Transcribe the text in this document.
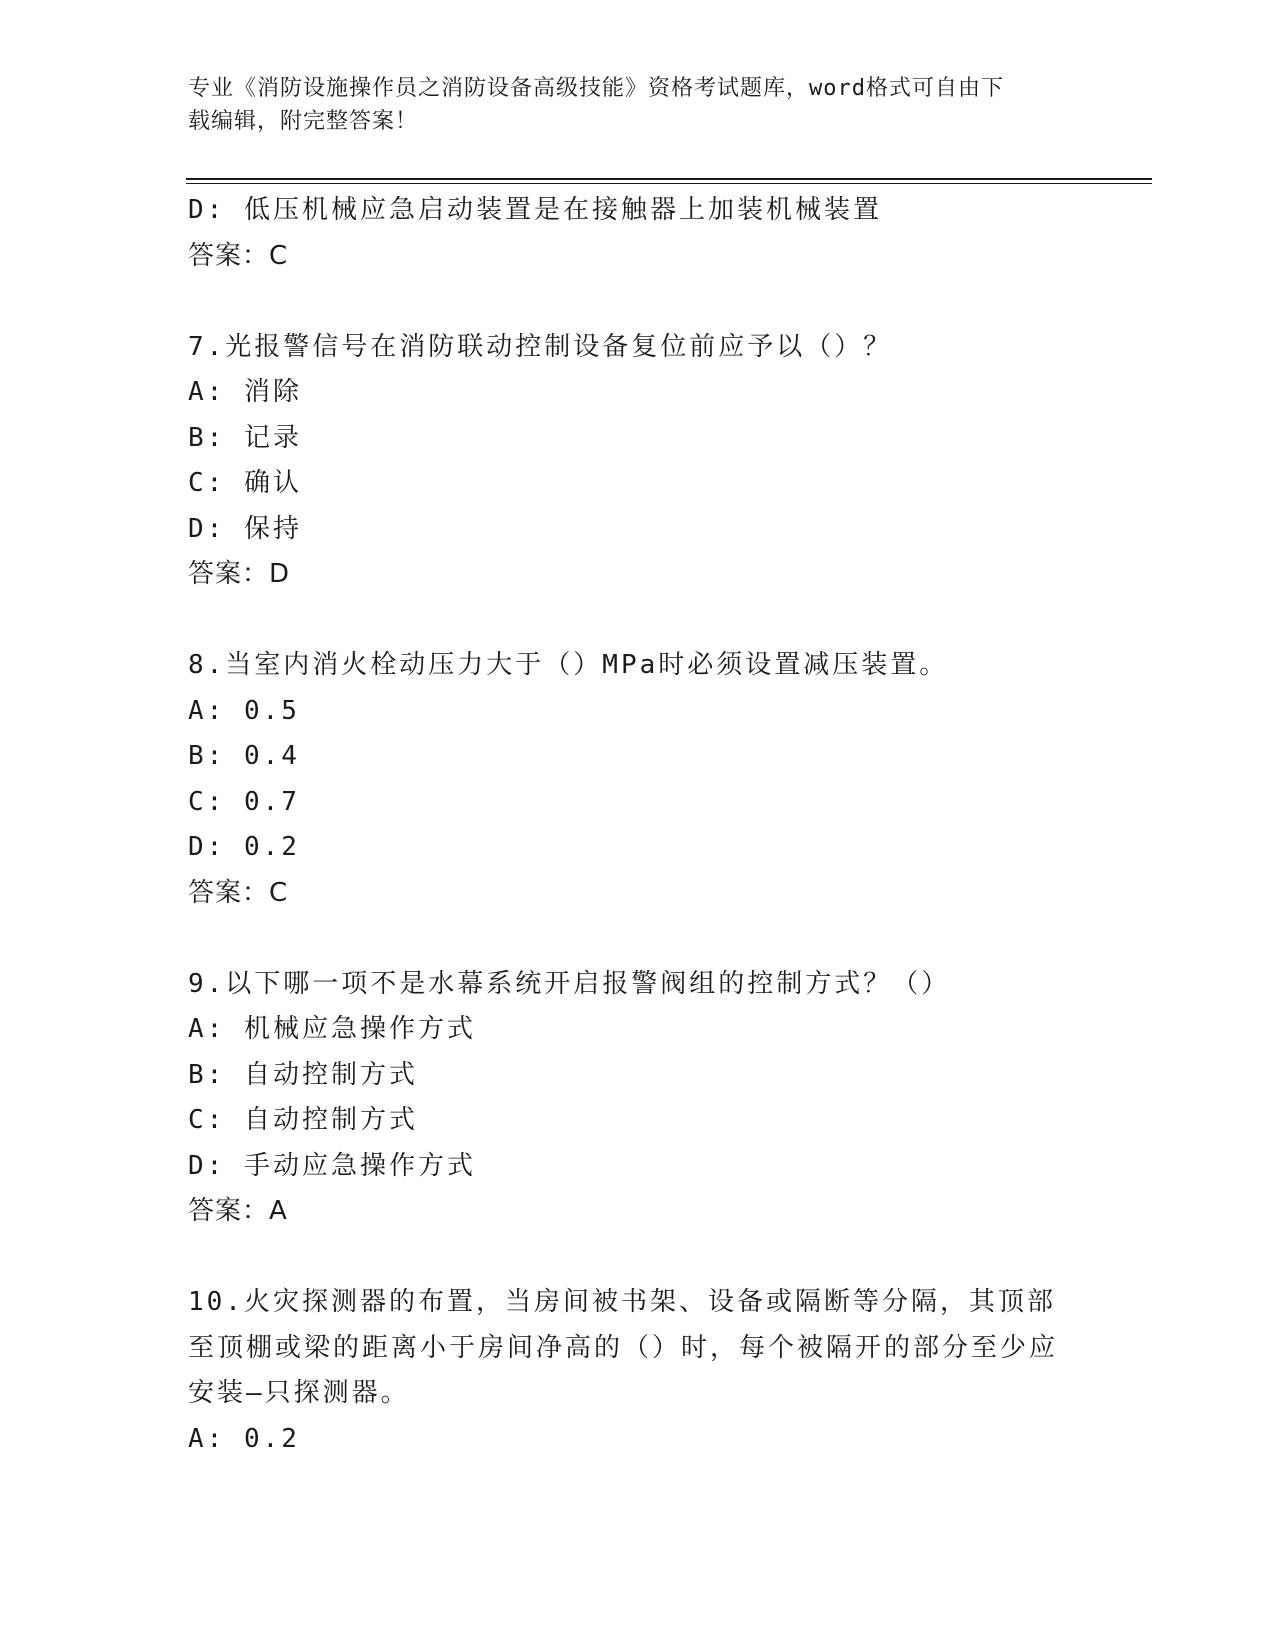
专业《消防设施操作员之消防设备高级技能》资格考试题库，word格式可自由下
载编辑，附完整答案！
D: 低压机械应急启动装置是在接触器上加装机械装置
答案：C
7.光报警信号在消防联动控制设备复位前应予以（）？
A: 消除
B: 记录
C: 确认
D: 保持
答案：D
8.当室内消火栓动压力大于（）MPa时必须设置减压装置。
A: 0.5
B: 0.4
C: 0.7
D: 0.2
答案：C
9.以下哪一项不是水幕系统开启报警阀组的控制方式？（）
A: 机械应急操作方式
B: 自动控制方式
C: 自动控制方式
D: 手动应急操作方式
答案：A
10.火灾探测器的布置，当房间被书架、设备或隔断等分隔，其顶部至顶棚或梁的距离小于房间净高的（）时，每个被隔开的部分至少应安装—只探测器。
A: 0.2
